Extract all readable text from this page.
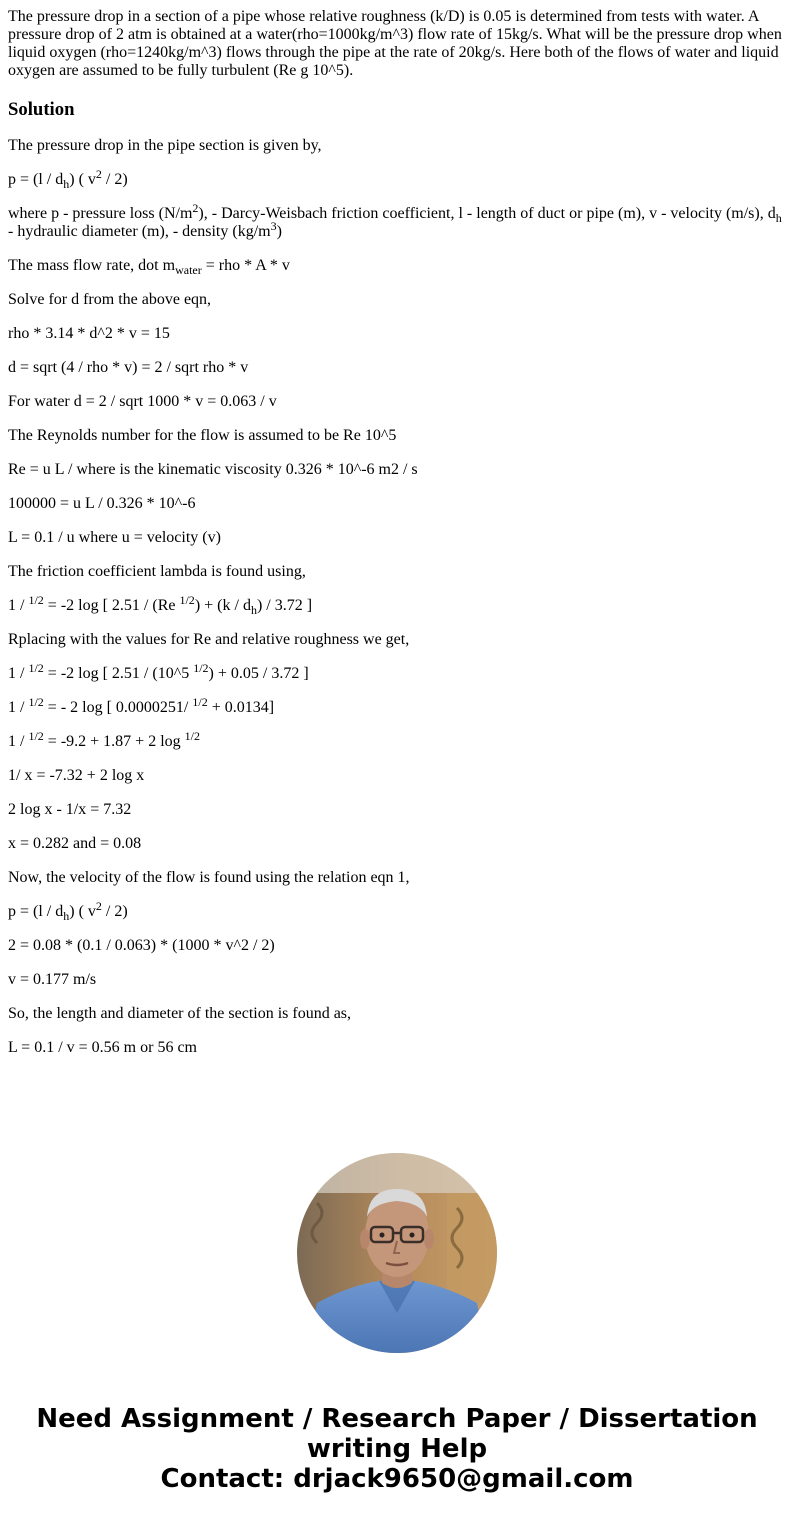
The pressure drop in a section of a pipe whose relative roughness (k/D) is 0.05 is determined from tests with water. A pressure drop of 2 atm is obtained at a water(rho=1000kg/m^3) flow rate of 15kg/s. What will be the pressure drop when liquid oxygen (rho=1240kg/m^3) flows through the pipe at the rate of 20kg/s. Here both of the flows of water and liquid oxygen are assumed to be fully turbulent (Re g 10^5).

Solution

The pressure drop in the pipe section is given by,

$p = (l / d_h)$ ( $v^2 / 2$)

where p - pressure loss $(N/m^2)$, - Darcy-Weisbach friction coefficient, l - length of duct or pipe (m), v - velocity (m/s), $d_h$ - hydraulic diameter (m), - density $(kg/m^3)$

The mass flow rate, dot $m_{water}$ = rho * A * v

Solve for d from the above eqn,

rho * 3.14 * d^2 * v = 15

d = sqrt (4 / rho * v) = 2 / sqrt rho * v

For water d = 2 / sqrt 1000 * v = 0.063 / v

The Reynolds number for the flow is assumed to be Re 10^5

Re = u L / where is the kinematic viscosity 0.326 * 10^-6 m2 / s

100000 = u L / 0.326 * 10^-6

L = 0.1 / u where u = velocity (v)

The friction coefficient lambda is found using,

1 / $^{1/2}$ = -2 log [ 2.51 / (Re $^{1/2}) + (k / d_h) / 3.72$ ]

Rplacing with the values for Re and relative roughness we get,

1 / $^{1/2}$ = -2 log [ 2.51 / (10^5 $^{1/2}$) + 0.05 / 3.72 ]

1 / $^{1/2}$ = - 2 log [ 0.0000251/ $^{1/2}$ + 0.0134]

1 / $^{1/2}$ = -9.2 + 1.87 + 2 log $^{1/2}$

1/ x = -7.32 + 2 log x

2 log x - 1/x = 7.32

x = 0.282 and = 0.08

Now, the velocity of the flow is found using the relation eqn 1,

$p = (l / d_h)$ ( $v^2 / 2$)

2 = 0.08 * (0.1 / 0.063) * (1000 * v^2 / 2)

v = 0.177 m/s

So, the length and diameter of the section is found as,

L = 0.1 / v = 0.56 m or 56 cm

Need Assignment / Research Paper / Dissertation
writing Help
Contact: drjack9650@gmail.com
